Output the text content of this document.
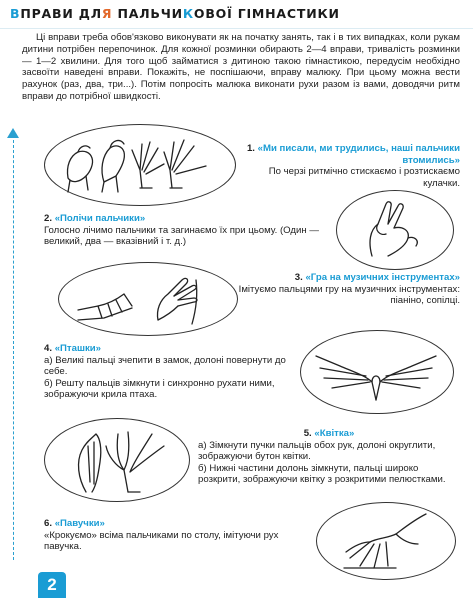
ВПРАВИ ДЛЯ ПАЛЬЧИКОВОЇ ГІМНАСТИКИ

Ці вправи треба обов'язково виконувати як на початку занять, так і в тих випадках, коли рукам дитини потрібен перепочинок. Для кожної розминки обирають 2—4 вправи, тривалість розминки — 1—2 хвилини. Для того щоб займатися з дитиною такою гімнастикою, передусім необхідно засвоїти наведені вправи. Покажіть, не поспішаючи, вправу малюку. При цьому можна вести рахунок (раз, два, три...). Потім попросіть малюка виконати рухи разом із вами, доводячи ритм вправи до потрібної швидкості.

1. «Ми писали, ми трудились, наші пальчики втомились»

По черзі ритмічно стискаємо і розтискаємо кулачки.

2. «Полічи пальчики»

Голосно лічимо пальчики та загинаємо їх при цьому. (Один — великий, два — вказівний і т. д.)

3. «Гра на музичних інструментах»

Імітуємо пальцями гру на музичних інструментах: піаніно, сопілці.

4. «Пташки»

а) Великі пальці зчепити в замок, долоні повернути до себе.

б) Решту пальців зімкнути і синхронно рухати ними, зображуючи крила птаха.

5. «Квітка»

а) Зімкнути пучки пальців обох рук, долоні округлити, зображуючи бутон квітки.

б) Нижні частини долонь зімкнути, пальці широко розкрити, зображуючи квітку з розкритими пелюстками.

6. «Павучки»

«Крокуємо» всіма пальчиками по столу, імітуючи рух павучка.

2
